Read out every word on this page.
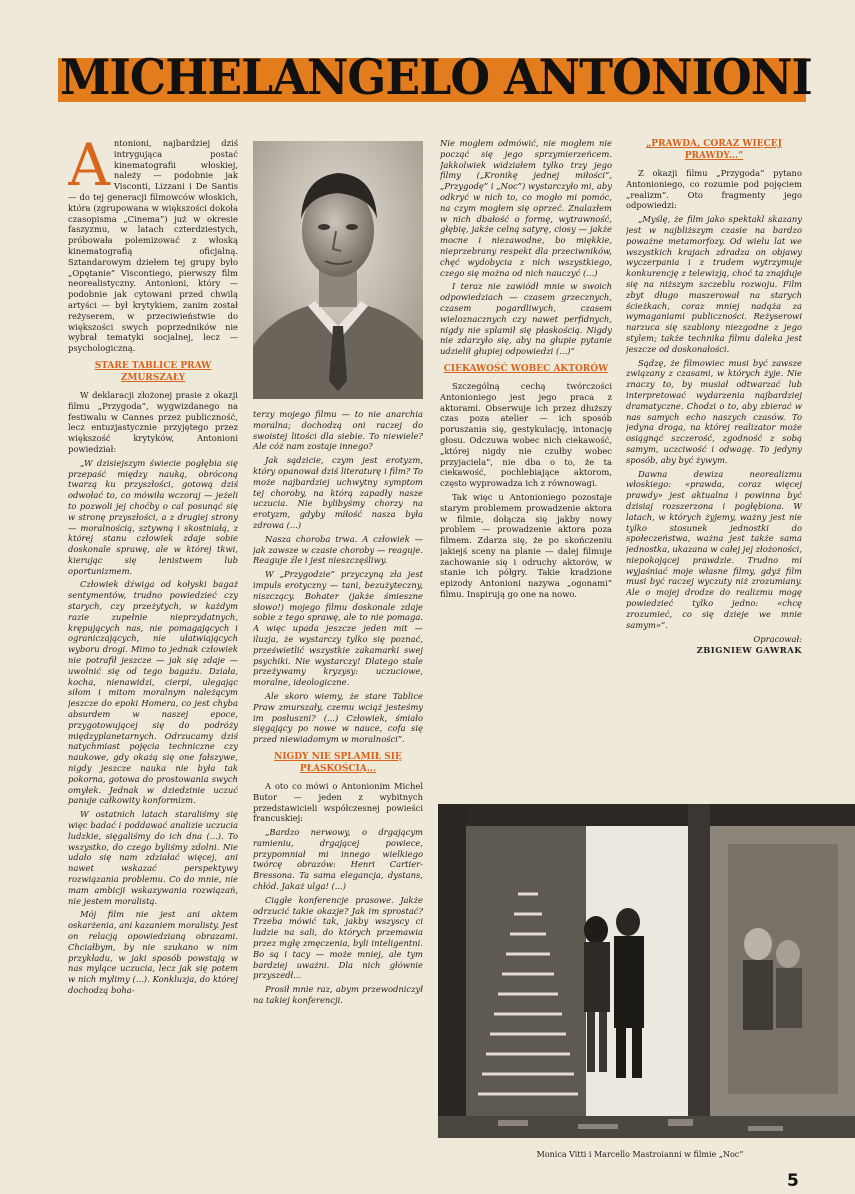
MICHELANGELO ANTONIONI

Antonioni, najbardziej dziś intrygująca postać kinematografii włoskiej, należy — podobnie jak Visconti, Lizzani i De Santis — do tej generacji filmowców włoskich, która (zgrupowana w większości dokoła czasopisma „Cinema”) już w okresie faszyzmu, w latach czterdziestych, próbowała polemizować z włoską kinematografią oficjalną. Sztandarowym dziełem tej grupy było „Opętanie” Viscontiego, pierwszy film neorealistyczny. Antonioni, który — podobnie jak cytowani przed chwilą artyści — był krytykiem, zanim został reżyserem, w przeciwieństwie do większości swych poprzedników nie wybrał tematyki socjalnej, lecz — psychologiczną.

STARE TABLICE PRAW ZMURSZAŁY

W deklaracji złożonej prasie z okazji filmu „Przygoda”, wygwizdanego na festiwalu w Cannes przez publiczność, lecz entuzjastycznie przyjętego przez większość krytyków, Antonioni powiedział:

„W dzisiejszym świecie pogłębia się przepaść między nauką, obróconą twarzą ku przyszłości, gotową dziś odwołać to, co mówiła wczoraj — jeżeli to pozwoli jej choćby o cal posunąć się w stronę przyszłości, a z drugiej strony — moralnością, sztywną i skostniałą, z której stanu człowiek zdaje sobie doskonale sprawę, ale w której tkwi, kierując się lenistwem lub oportunizmem.

Człowiek dźwiga od kołyski bagaż sentymentów, trudno powiedzieć czy starych, czy przeżytych, w każdym razie zupełnie nieprzydatnych, krępujących nas, nie pomagających i ograniczających, nie ułatwiających wyboru drogi. Mimo to jednak człowiek nie potrafił jeszcze — jak się zdaje — uwolnić się od tego bagażu. Działa, kocha, nienawidzi, cierpi, ulegając siłom i mitom moralnym należącym jeszcze do epoki Homera, co jest chyba absurdem w naszej epoce, przygotowującej się do podróży międzyplanetarnych. Odrzucamy dziś natychmiast pojęcia techniczne czy naukowe, gdy okażą się one fałszywe, nigdy jeszcze nauka nie była tak pokorna, gotowa do prostowania swych omyłek. Jednak w dziedzinie uczuć panuje całkowity konformizm.

W ostatnich latach staraliśmy się więc badać i poddawać analizie uczucia ludzkie, sięgaliśmy do ich dna (...). To wszystko, do czego byliśmy zdolni. Nie udało się nam zdziałać więcej, ani nawet wskazać perspektywy rozwiązania problemu. Co do mnie, nie mam ambicji wskazywania rozwiązań, nie jestem moralistą.

Mój film nie jest ani aktem oskarżenia, ani kazaniem moralisty. Jest on relacją opowiedzianą obrazami. Chciałbym, by nie szukano w nim przykładu, w jaki sposób powstają w nas mylące uczucia, lecz jak się potem w nich mylimy (...). Konkluzja, do której dochodzą boha-

terzy mojego filmu — to nie anarchia moralna; dochodzą oni raczej do swoistej litości dla siebie. To niewiele? Ale cóż nam zostaje innego?

Jak sądzicie, czym jest erotyzm, który opanował dziś literaturę i film? To może najbardziej uchwytny symptom tej choroby, na którą zapadły nasze uczucia. Nie bylibyśmy chorzy na erotyzm, gdyby miłość nasza była zdrowa (...)

Nasza choroba trwa. A człowiek — jak zawsze w czasie choroby — reaguje. Reaguje źle i jest nieszczęśliwy.

W „Przygodzie” przyczyną zła jest impuls erotyczny — tani, bezużyteczny, niszczący. Bohater (jakże śmieszne słowo!) mojego filmu doskonale zdaje sobie z tego sprawę, ale to nie pomaga. A więc upada jeszcze jeden mit — iluzja, że wystarczy tylko się poznać, prześwietlić wszystkie zakamarki swej psychiki. Nie wystarczy! Dlatego stale przeżywamy kryzysy: uczuciowe, moralne, ideologiczne.

Ale skoro wiemy, że stare Tablice Praw zmurszały, czemu wciąż jesteśmy im posłuszni? (...) Człowiek, śmiało sięgający po nowe w nauce, cofa się przed niewiadomym w moralności”.

NIGDY NIE SPLAMIŁ SIĘ PŁASKOŚCIĄ...

A oto co mówi o Antonionim Michel Butor — jeden z wybitnych przedstawicieli współczesnej powieści francuskiej:

„Bardzo nerwowy, o drgającym ramieniu, drgającej powiece, przypomniał mi innego wielkiego twórcę obrazów: Henri Cartier-Bressona. Ta sama elegancja, dystans, chłód. Jakaż ulga! (...)

Ciągłe konferencje prasowe. Jakże odrzucić takie okazje? Jak im sprostać? Trzeba mówić tak, jakby wszyscy ci ludzie na sali, do których przemawia przez mgłę zmęczenia, byli inteligentni. Bo są i tacy — może mniej, ale tym bardziej uważni. Dla nich głównie przyszedł...

Prosił mnie raz, abym przewodniczył na takiej konferencji.

Nie mogłem odmówić, nie mogłem nie począć się jego sprzymierzeńcem. Jakkolwiek widziałem tylko trzy jego filmy („Kronikę jednej miłości”, „Przygodę” i „Noc”) wystarczyło mi, aby odkryć w nich to, co mogło mi pomóc, na czym mogłem się oprzeć. Znalazłem w nich dbałość o formę, wytrawność, głębię, jakże celną satyrę, ciosy — jakże mocne i niezawodne, bo miękkie, nieprzebrany respekt dla przeciwników, chęć wydobycia z nich wszystkiego, czego się można od nich nauczyć (...)

I teraz nie zawiódł mnie w swoich odpowiedziach — czasem grzecznych, czasem pogardliwych, czasem wieloznacznych czy nawet perfidnych, nigdy nie splamił się płaskością. Nigdy nie zdarzyło się, aby na głupie pytanie udzielił głupiej odpowiedzi (...)”

CIEKAWOŚĆ WOBEC AKTORÓW

Szczególną cechą twórczości Antonioniego jest jego praca z aktorami. Obserwuje ich przez dłuższy czas poza atelier — ich sposób poruszania się, gestykulację, intonację głosu. Odczuwa wobec nich ciekawość, „której nigdy nie czułby wobec przyjaciela”, nie dba o to, że ta ciekawość, pochlebiające aktorom, często wyprowadza ich z równowagi.

Tak więc u Antonioniego pozostaje starym problemem prowadzenie aktora w filmie, dołącza się jakby nowy problem — prowadzenie aktora poza filmem. Zdarza się, że po skończeniu jakiejś sceny na planie — dalej filmuje zachowanie się i odruchy aktorów, w stanie ich półgry. Takie kradzione epizody Antonioni nazywa „ogonami” filmu. Inspirują go one na nowo.

„PRAWDA, CORAZ WIĘCEJ PRAWDY...”

Z okazji filmu „Przygoda” pytano Antonioniego, co rozumie pod pojęciem „realizm”. Oto fragmenty jego odpowiedzi:

„Myślę, że film jako spektakl skazany jest w najbliższym czasie na bardzo poważne metamorfozy. Od wielu lat we wszystkich krajach zdradza on objawy wyczerpania i z trudem wytrzymuje konkurencję z telewizją, choć ta znajduje się na niższym szczeblu rozwoju. Film zbyt długo maszerował na starych ścieżkach, coraz mniej nadąża za wymaganiami publiczności. Reżyserowi narzuca się szablony niezgodne z jego stylem; także technika filmu daleka jest jeszcze od doskonałości.

Sądzę, że filmowiec musi być zawsze związany z czasami, w których żyje. Nie znaczy to, by musiał odtwarzać lub interpretować wydarzenia najbardziej dramatyczne. Chodzi o to, aby zbierać w nas samych echo naszych czasów. To jedyna droga, na której realizator może osiągnąć szczerość, zgodność z sobą samym, uczciwość i odwagę. To jedyny sposób, aby być żywym.

Dawna dewiza neorealizmu włoskiego: «prawda, coraz więcej prawdy» jest aktualna i powinna być dzisiaj rozszerzona i pogłębiona. W latach, w których żyjemy, ważny jest nie tylko stosunek jednostki do społeczeństwa, ważna jest także sama jednostka, ukazana w całej jej złożoności, niepokojącej prawdzie. Trudno mi wyjaśniać moje własne filmy, gdyż film musi być raczej wyczuty niż zrozumiany. Ale o mojej drodze do realizmu mogę powiedzieć tylko jedno: «chcę zrozumieć, co się dzieje we mnie samym»”.

Opracował:

ZBIGNIEW GAWRAK

Monica Vitti i Marcello Mastroianni w filmie „Noc”
5
